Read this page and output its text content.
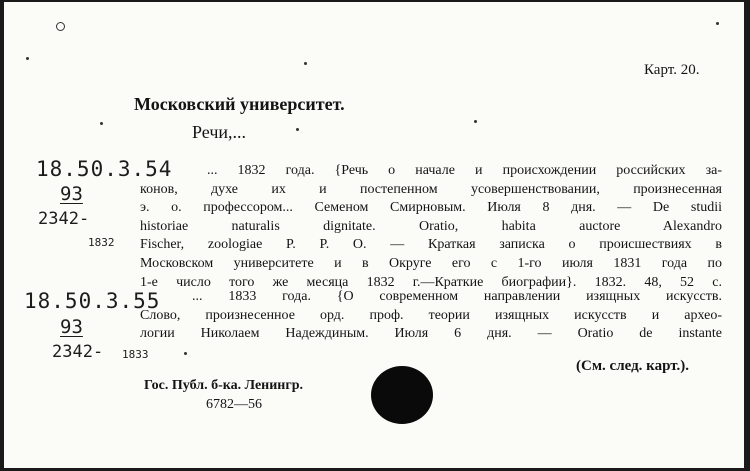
Карт. 20.
Московский университет.
Речи,...
18.50.3.54
93
2342-
1832
... 1832 года. {Речь о начале и происхождении российских за-
конов, духе их и постепенном усовершенствовании, произнесенная
э. о. профессором... Семеном Смирновым. Июля 8 дня. — De studii
historiae naturalis dignitate. Oratio, habita auctore Alexandro
Fischer, zoologiae P. P. O. — Краткая записка о происшествиях в
Московском университете и в Округе его с 1-го июля 1831 года по
1-е число того же месяца 1832 г.—Краткие биографии}. 1832. 48, 52 с.
18.50.3.55
93
2342- 1833
... 1833 года. {О современном направлении изящных искусств.
Слово, произнесенное орд. проф. теории изящных искусств и архео-
логии Николаем Надеждиным. Июля 6 дня. — Oratio de instante
(См. след. карт.).
Гос. Публ. б-ка. Ленингр.
6782—56
